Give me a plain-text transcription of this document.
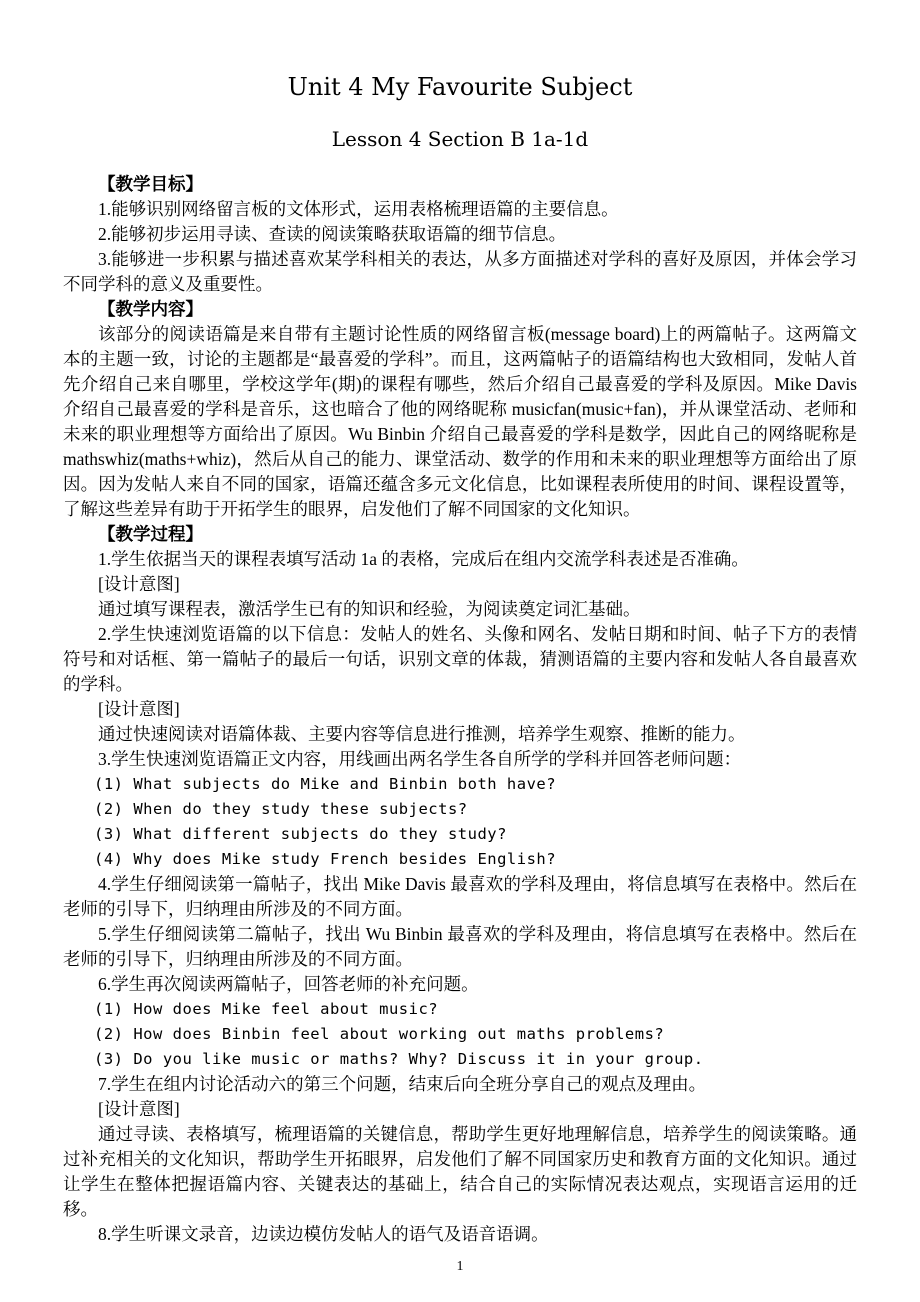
Unit 4 My Favourite Subject
Lesson 4 Section B 1a-1d

【教学目标】

1.能够识别网络留言板的文体形式，运用表格梳理语篇的主要信息。

2.能够初步运用寻读、查读的阅读策略获取语篇的细节信息。

3.能够进一步积累与描述喜欢某学科相关的表达，从多方面描述对学科的喜好及原因，并体会学习不同学科的意义及重要性。

【教学内容】

该部分的阅读语篇是来自带有主题讨论性质的网络留言板(message board)上的两篇帖子。这两篇文本的主题一致，讨论的主题都是“最喜爱的学科”。而且，这两篇帖子的语篇结构也大致相同，发帖人首先介绍自己来自哪里，学校这学年(期)的课程有哪些，然后介绍自己最喜爱的学科及原因。Mike Davis 介绍自己最喜爱的学科是音乐，这也暗合了他的网络昵称 musicfan(music+fan)，并从课堂活动、老师和未来的职业理想等方面给出了原因。Wu Binbin 介绍自己最喜爱的学科是数学，因此自己的网络昵称是 mathswhiz(maths+whiz)，然后从自己的能力、课堂活动、数学的作用和未来的职业理想等方面给出了原因。因为发帖人来自不同的国家，语篇还蕴含多元文化信息，比如课程表所使用的时间、课程设置等，了解这些差异有助于开拓学生的眼界，启发他们了解不同国家的文化知识。

【教学过程】

1.学生依据当天的课程表填写活动 1a 的表格，完成后在组内交流学科表述是否准确。

[设计意图]

通过填写课程表，激活学生已有的知识和经验，为阅读奠定词汇基础。

2.学生快速浏览语篇的以下信息：发帖人的姓名、头像和网名、发帖日期和时间、帖子下方的表情符号和对话框、第一篇帖子的最后一句话，识别文章的体裁，猜测语篇的主要内容和发帖人各自最喜欢的学科。

[设计意图]

通过快速阅读对语篇体裁、主要内容等信息进行推测，培养学生观察、推断的能力。

3.学生快速浏览语篇正文内容，用线画出两名学生各自所学的学科并回答老师问题：

(1) What subjects do Mike and Binbin both have?

(2) When do they study these subjects?

(3) What different subjects do they study?

(4) Why does Mike study French besides English?

4.学生仔细阅读第一篇帖子，找出 Mike Davis 最喜欢的学科及理由，将信息填写在表格中。然后在老师的引导下，归纳理由所涉及的不同方面。

5.学生仔细阅读第二篇帖子，找出 Wu Binbin 最喜欢的学科及理由，将信息填写在表格中。然后在老师的引导下，归纳理由所涉及的不同方面。

6.学生再次阅读两篇帖子，回答老师的补充问题。

(1) How does Mike feel about music?

(2) How does Binbin feel about working out maths problems?

(3) Do you like music or maths? Why? Discuss it in your group.

7.学生在组内讨论活动六的第三个问题，结束后向全班分享自己的观点及理由。

[设计意图]

通过寻读、表格填写，梳理语篇的关键信息，帮助学生更好地理解信息，培养学生的阅读策略。通过补充相关的文化知识，帮助学生开拓眼界，启发他们了解不同国家历史和教育方面的文化知识。通过让学生在整体把握语篇内容、关键表达的基础上，结合自己的实际情况表达观点，实现语言运用的迁移。

8.学生听课文录音，边读边模仿发帖人的语气及语音语调。

1
